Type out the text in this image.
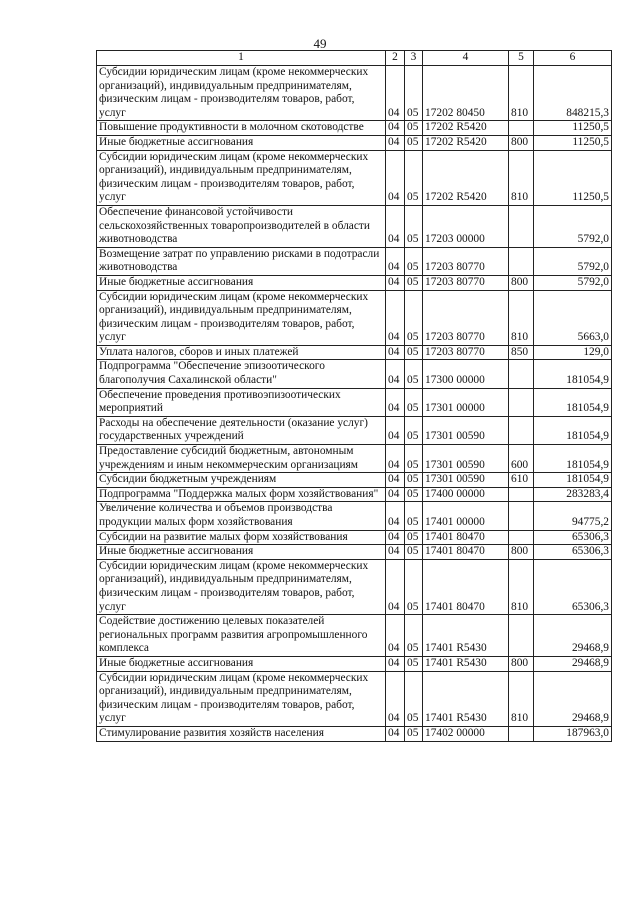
49
1	2	3	4	5	6
Субсидии юридическим лицам (кроме некоммерческих организаций), индивидуальным предпринимателям, физическим лицам - производителям товаров, работ, услуг	04	05	17202 80450	810	848215,3
Повышение продуктивности в молочном скотоводстве	04	05	17202 R5420		11250,5
Иные бюджетные ассигнования	04	05	17202 R5420	800	11250,5
Субсидии юридическим лицам (кроме некоммерческих организаций), индивидуальным предпринимателям, физическим лицам - производителям товаров, работ, услуг	04	05	17202 R5420	810	11250,5
Обеспечение финансовой устойчивости сельскохозяйственных товаропроизводителей в области животноводства	04	05	17203 00000		5792,0
Возмещение затрат по управлению рисками в подотрасли животноводства	04	05	17203 80770		5792,0
Иные бюджетные ассигнования	04	05	17203 80770	800	5792,0
Субсидии юридическим лицам (кроме некоммерческих организаций), индивидуальным предпринимателям, физическим лицам - производителям товаров, работ, услуг	04	05	17203 80770	810	5663,0
Уплата налогов, сборов и иных платежей	04	05	17203 80770	850	129,0
Подпрограмма "Обеспечение эпизоотического благополучия Сахалинской области"	04	05	17300 00000		181054,9
Обеспечение проведения противоэпизоотических мероприятий	04	05	17301 00000		181054,9
Расходы на обеспечение деятельности (оказание услуг) государственных учреждений	04	05	17301 00590		181054,9
Предоставление субсидий бюджетным, автономным учреждениям и иным некоммерческим организациям	04	05	17301 00590	600	181054,9
Субсидии бюджетным учреждениям	04	05	17301 00590	610	181054,9
Подпрограмма "Поддержка малых форм хозяйствования"	04	05	17400 00000		283283,4
Увеличение количества и объемов производства продукции малых форм хозяйствования	04	05	17401 00000		94775,2
Субсидии на развитие малых форм хозяйствования	04	05	17401 80470		65306,3
Иные бюджетные ассигнования	04	05	17401 80470	800	65306,3
Субсидии юридическим лицам (кроме некоммерческих организаций), индивидуальным предпринимателям, физическим лицам - производителям товаров, работ, услуг	04	05	17401 80470	810	65306,3
Содействие достижению целевых показателей региональных программ развития агропромышленного комплекса	04	05	17401 R5430		29468,9
Иные бюджетные ассигнования	04	05	17401 R5430	800	29468,9
Субсидии юридическим лицам (кроме некоммерческих организаций), индивидуальным предпринимателям, физическим лицам - производителям товаров, работ, услуг	04	05	17401 R5430	810	29468,9
Стимулирование развития хозяйств населения	04	05	17402 00000		187963,0
